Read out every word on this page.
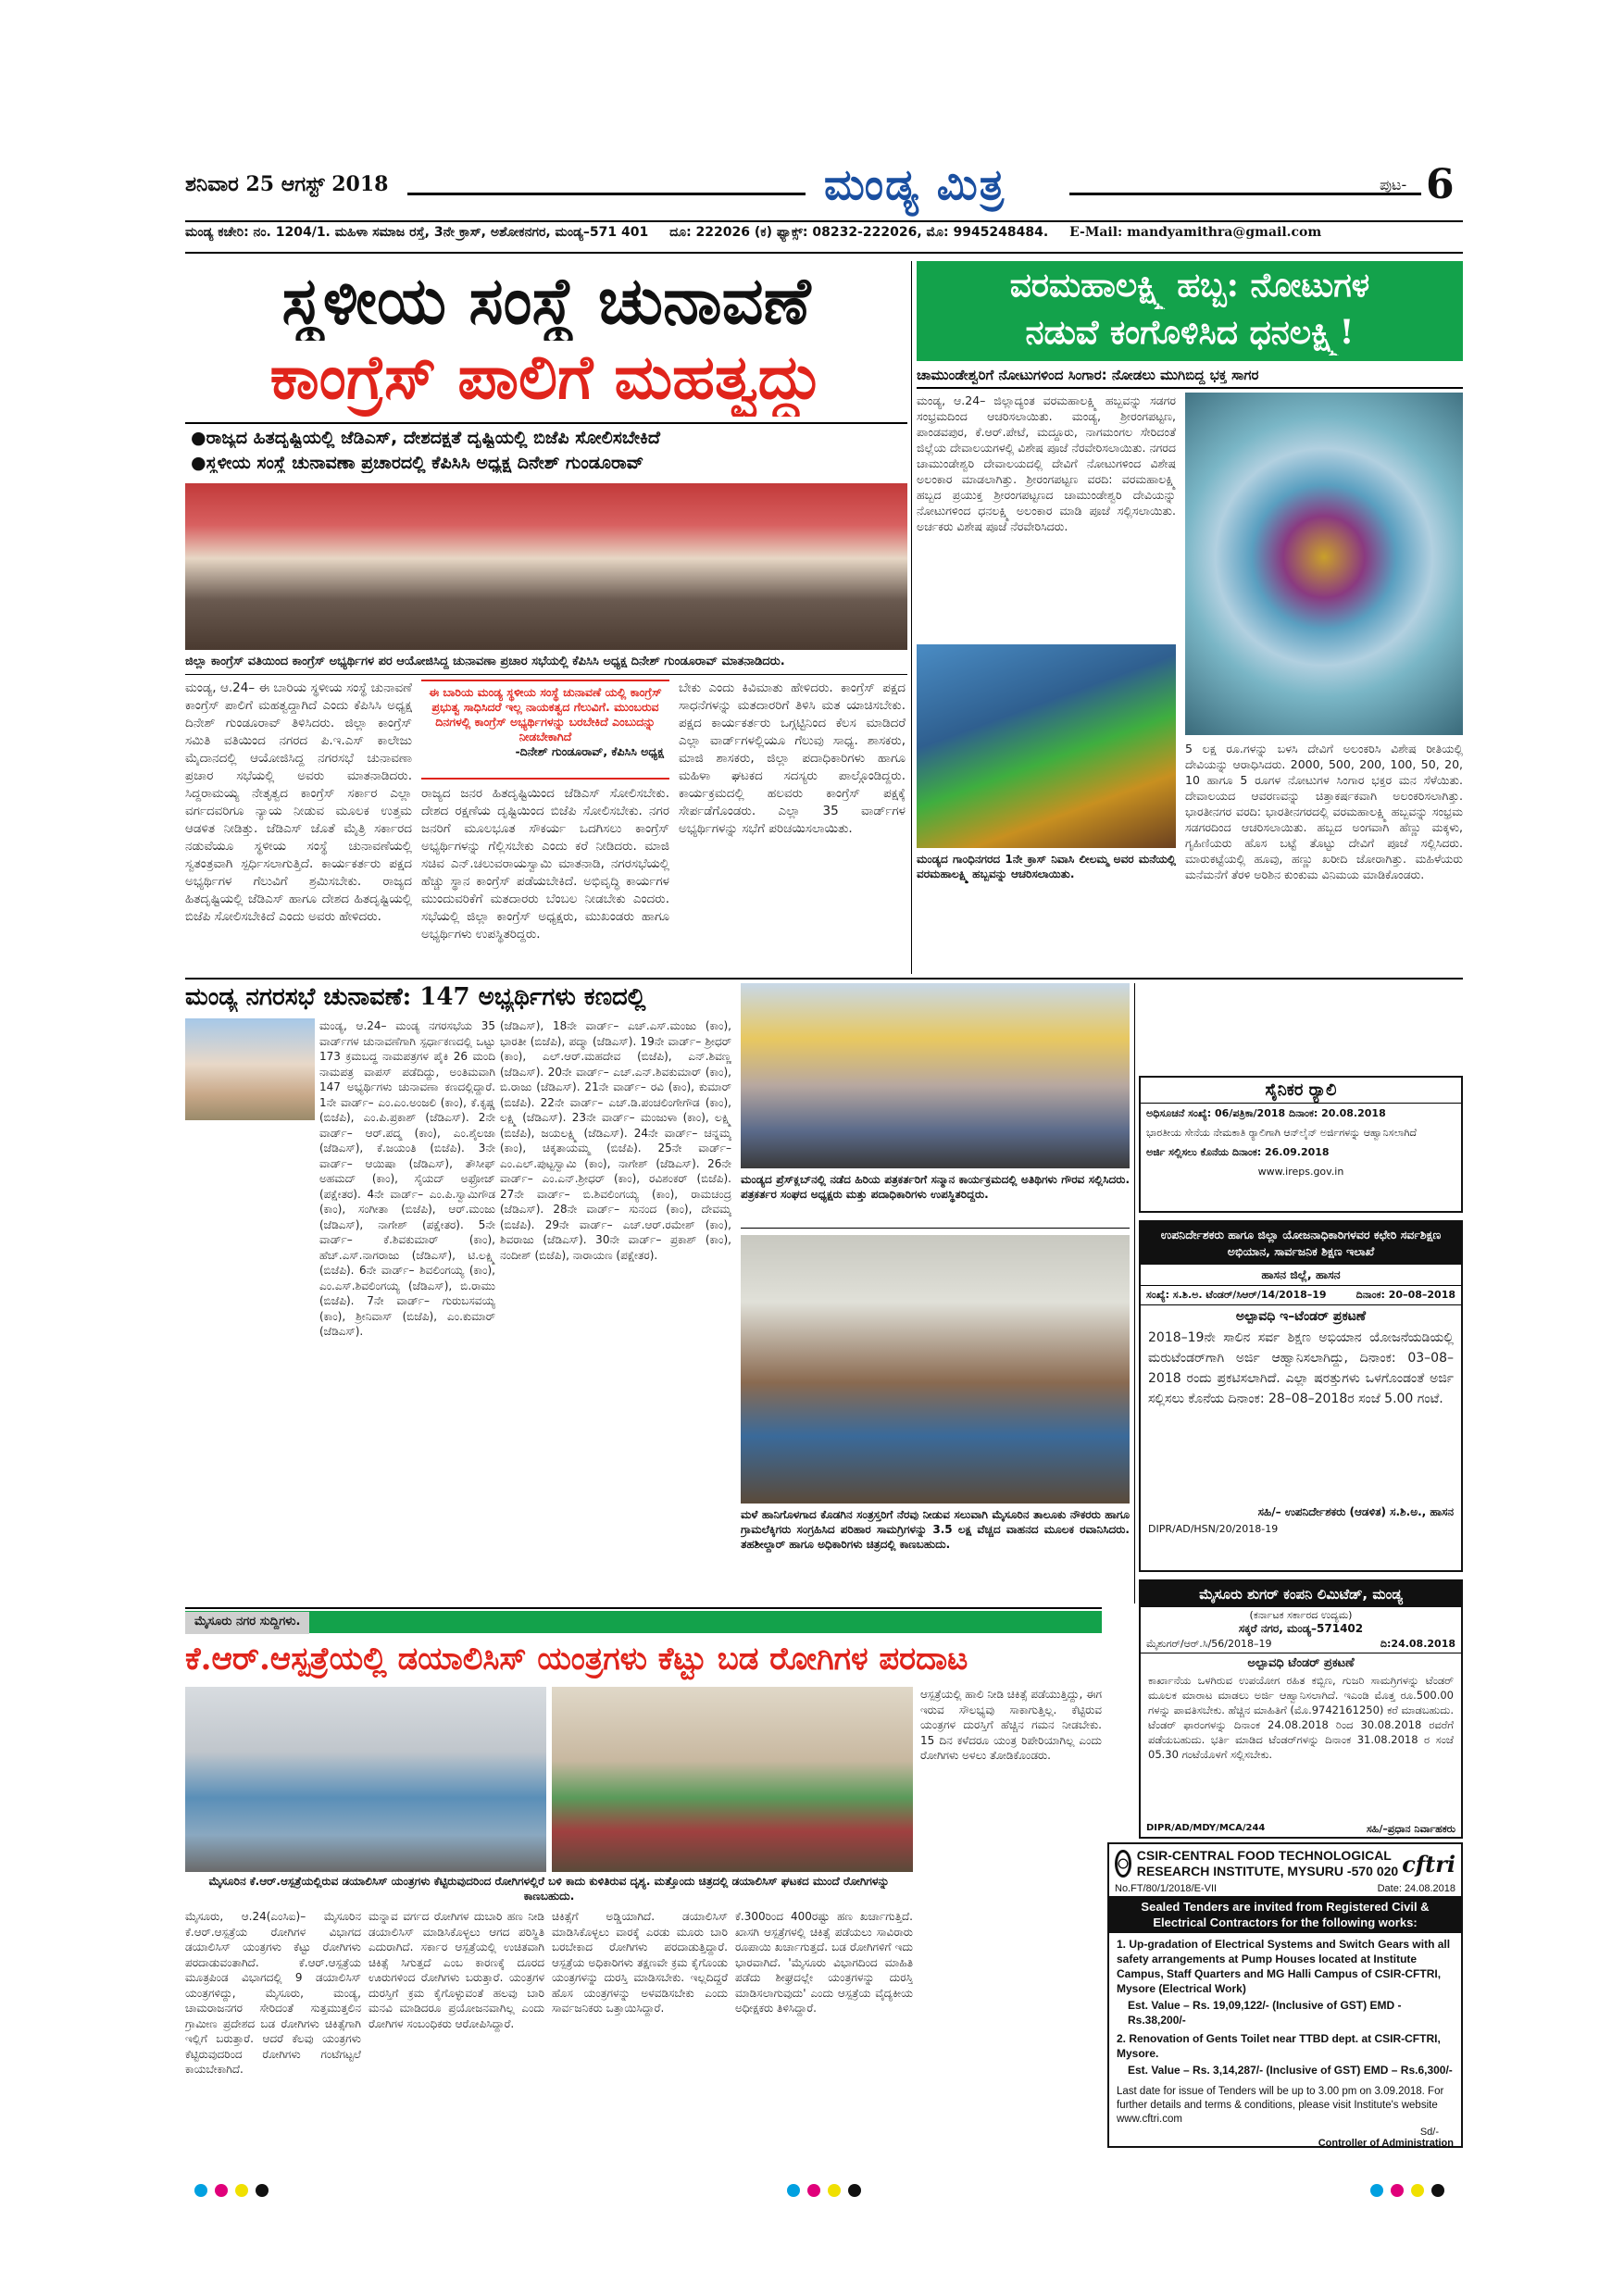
ಶನಿವಾರ 25 ಆಗಸ್ಟ್ 2018	ಮಂಡ್ಯ ಮಿತ್ರ	ಪುಟ- 6
ಮಂಡ್ಯ ಕಚೇರಿ: ನಂ. 1204/1. ಮಹಿಳಾ ಸಮಾಜ ರಸ್ತೆ, 3ನೇ ಕ್ರಾಸ್, ಅಶೋಕನಗರ, ಮಂಡ್ಯ–571 401 ದೂ: 222026 (ಕ) ಫ್ಯಾಕ್ಸ್: 08232-222026, ಮೊ: 9945248484. E-Mail: mandyamithra@gmail.com
ಸ್ಥಳೀಯ ಸಂಸ್ಥೆ ಚುನಾವಣೆ
ಕಾಂಗ್ರೆಸ್ ಪಾಲಿಗೆ ಮಹತ್ವದ್ದು
●ರಾಜ್ಯದ ಹಿತದೃಷ್ಟಿಯಲ್ಲಿ ಜೆಡಿಎಸ್, ದೇಶದಕ್ಷತೆ ದೃಷ್ಟಿಯಲ್ಲಿ ಬಿಜೆಪಿ ಸೋಲಿಸಬೇಕಿದೆ
●ಸ್ಥಳೀಯ ಸಂಸ್ಥೆ ಚುನಾವಣಾ ಪ್ರಚಾರದಲ್ಲಿ ಕೆಪಿಸಿಸಿ ಅಧ್ಯಕ್ಷ ದಿನೇಶ್ ಗುಂಡೂರಾವ್
ಜಿಲ್ಲಾ ಕಾಂಗ್ರೆಸ್ ವತಿಯಿಂದ ಕಾಂಗ್ರೆಸ್ ಅಭ್ಯರ್ಥಿಗಳ ಪರ ಆಯೋಜಿಸಿದ್ದ ಚುನಾವಣಾ ಪ್ರಚಾರ ಸಭೆಯಲ್ಲಿ ಕೆಪಿಸಿಸಿ ಅಧ್ಯಕ್ಷ ದಿನೇಶ್ ಗುಂಡೂರಾವ್ ಮಾತನಾಡಿದರು.
ಮಂಡ್ಯ, ಆ.24– ಈ ಬಾರಿಯ ಸ್ಥಳೀಯ ಸಂಸ್ಥೆ ಚುನಾವಣೆ ಕಾಂಗ್ರೆಸ್ ಪಾಲಿಗೆ ಮಹತ್ವದ್ದಾಗಿದೆ ಎಂದು ಕೆಪಿಸಿಸಿ ಅಧ್ಯಕ್ಷ ದಿನೇಶ್ ಗುಂಡೂರಾವ್ ತಿಳಿಸಿದರು. ಜಿಲ್ಲಾ ಕಾಂಗ್ರೆಸ್ ಸಮಿತಿ ವತಿಯಿಂದ ನಗರದ ಪಿ.ಇ.ಎಸ್ ಕಾಲೇಜು ಮೈದಾನದಲ್ಲಿ ಆಯೋಜಿಸಿದ್ದ ನಗರಸಭೆ ಚುನಾವಣಾ ಪ್ರಚಾರ ಸಭೆಯಲ್ಲಿ ಅವರು ಮಾತನಾಡಿದರು. ಸಿದ್ದರಾಮಯ್ಯ ನೇತೃತ್ವದ ಕಾಂಗ್ರೆಸ್ ಸರ್ಕಾರ ಎಲ್ಲಾ ವರ್ಗದವರಿಗೂ ನ್ಯಾಯ ನೀಡುವ ಮೂಲಕ ಉತ್ತಮ ಆಡಳಿತ ನೀಡಿತ್ತು. ಜೆಡಿಎಸ್ ಜೊತೆ ಮೈತ್ರಿ ಸರ್ಕಾರದ ನಡುವೆಯೂ ಸ್ಥಳೀಯ ಸಂಸ್ಥೆ ಚುನಾವಣೆಯಲ್ಲಿ ಸ್ವತಂತ್ರವಾಗಿ ಸ್ಪರ್ಧಿಸಲಾಗುತ್ತಿದೆ. ಕಾರ್ಯಕರ್ತರು ಪಕ್ಷದ ಅಭ್ಯರ್ಥಿಗಳ ಗೆಲುವಿಗೆ ಶ್ರಮಿಸಬೇಕು. ರಾಜ್ಯದ ಹಿತದೃಷ್ಟಿಯಲ್ಲಿ ಜೆಡಿಎಸ್ ಹಾಗೂ ದೇಶದ ಹಿತದೃಷ್ಟಿಯಲ್ಲಿ ಬಿಜೆಪಿ ಸೋಲಿಸಬೇಕಿದೆ ಎಂದು ಅವರು ಹೇಳಿದರು.
ಈ ಬಾರಿಯ ಮಂಡ್ಯ ಸ್ಥಳೀಯ ಸಂಸ್ಥೆ ಚುನಾವಣೆ ಯಲ್ಲಿ ಕಾಂಗ್ರೆಸ್ ಪ್ರಭುತ್ವ ಸಾಧಿಸಿದರೆ ಇಲ್ಲ ನಾಯಕತ್ವದ ಗೆಲುವಿಗೆ. ಮುಂಬರುವ ದಿನಗಳಲ್ಲಿ ಕಾಂಗ್ರೆಸ್ ಅಭ್ಯರ್ಥಿಗಳನ್ನು ಬರಬೇಕಿದೆ ಎಂಬುದನ್ನು ನೀಡಬೇಕಾಗಿದೆ
-ದಿನೇಶ್ ಗುಂಡೂರಾವ್, ಕೆಪಿಸಿಸಿ ಅಧ್ಯಕ್ಷ
ರಾಜ್ಯದ ಜನರ ಹಿತದೃಷ್ಟಿಯಿಂದ ಜೆಡಿಎಸ್ ಸೋಲಿಸಬೇಕು. ದೇಶದ ರಕ್ಷಣೆಯ ದೃಷ್ಟಿಯಿಂದ ಬಿಜೆಪಿ ಸೋಲಿಸಬೇಕು. ನಗರ ಜನರಿಗೆ ಮೂಲಭೂತ ಸೌಕರ್ಯ ಒದಗಿಸಲು ಕಾಂಗ್ರೆಸ್ ಅಭ್ಯರ್ಥಿಗಳನ್ನು ಗೆಲ್ಲಿಸಬೇಕು ಎಂದು ಕರೆ ನೀಡಿದರು. ಮಾಜಿ ಸಚಿವ ಎನ್.ಚಲುವರಾಯಸ್ವಾಮಿ ಮಾತನಾಡಿ, ನಗರಸಭೆಯಲ್ಲಿ ಹೆಚ್ಚು ಸ್ಥಾನ ಕಾಂಗ್ರೆಸ್ ಪಡೆಯಬೇಕಿದೆ. ಅಭಿವೃದ್ಧಿ ಕಾರ್ಯಗಳ ಮುಂದುವರಿಕೆಗೆ ಮತದಾರರು ಬೆಂಬಲ ನೀಡಬೇಕು ಎಂದರು. ಸಭೆಯಲ್ಲಿ ಜಿಲ್ಲಾ ಕಾಂಗ್ರೆಸ್ ಅಧ್ಯಕ್ಷರು, ಮುಖಂಡರು ಹಾಗೂ ಅಭ್ಯರ್ಥಿಗಳು ಉಪಸ್ಥಿತರಿದ್ದರು.
ಬೇಕು ಎಂದು ಕಿವಿಮಾತು ಹೇಳಿದರು. ಕಾಂಗ್ರೆಸ್ ಪಕ್ಷದ ಸಾಧನೆಗಳನ್ನು ಮತದಾರರಿಗೆ ತಿಳಿಸಿ ಮತ ಯಾಚಿಸಬೇಕು. ಪಕ್ಷದ ಕಾರ್ಯಕರ್ತರು ಒಗ್ಗಟ್ಟಿನಿಂದ ಕೆಲಸ ಮಾಡಿದರೆ ಎಲ್ಲಾ ವಾರ್ಡ್‌ಗಳಲ್ಲಿಯೂ ಗೆಲುವು ಸಾಧ್ಯ. ಶಾಸಕರು, ಮಾಜಿ ಶಾಸಕರು, ಜಿಲ್ಲಾ ಪದಾಧಿಕಾರಿಗಳು ಹಾಗೂ ಮಹಿಳಾ ಘಟಕದ ಸದಸ್ಯರು ಪಾಲ್ಗೊಂಡಿದ್ದರು. ಕಾರ್ಯಕ್ರಮದಲ್ಲಿ ಹಲವರು ಕಾಂಗ್ರೆಸ್ ಪಕ್ಷಕ್ಕೆ ಸೇರ್ಪಡೆಗೊಂಡರು. ಎಲ್ಲಾ 35 ವಾರ್ಡ್‌ಗಳ ಅಭ್ಯರ್ಥಿಗಳನ್ನು ಸಭೆಗೆ ಪರಿಚಯಿಸಲಾಯಿತು.
ವರಮಹಾಲಕ್ಷ್ಮಿ ಹಬ್ಬ: ನೋಟುಗಳ
ನಡುವೆ ಕಂಗೊಳಿಸಿದ ಧನಲಕ್ಷ್ಮಿ!
ಚಾಮುಂಡೇಶ್ವರಿಗೆ ನೋಟುಗಳಿಂದ ಸಿಂಗಾರ: ನೋಡಲು ಮುಗಿಬಿದ್ದ ಭಕ್ತ ಸಾಗರ
ಮಂಡ್ಯ, ಆ.24– ಜಿಲ್ಲಾದ್ಯಂತ ವರಮಹಾಲಕ್ಷ್ಮಿ ಹಬ್ಬವನ್ನು ಸಡಗರ ಸಂಭ್ರಮದಿಂದ ಆಚರಿಸಲಾಯಿತು. ಮಂಡ್ಯ, ಶ್ರೀರಂಗಪಟ್ಟಣ, ಪಾಂಡವಪುರ, ಕೆ.ಆರ್.ಪೇಟೆ, ಮದ್ದೂರು, ನಾಗಮಂಗಲ ಸೇರಿದಂತೆ ಜಿಲ್ಲೆಯ ದೇವಾಲಯಗಳಲ್ಲಿ ವಿಶೇಷ ಪೂಜೆ ನೆರವೇರಿಸಲಾಯಿತು. ನಗರದ ಚಾಮುಂಡೇಶ್ವರಿ ದೇವಾಲಯದಲ್ಲಿ ದೇವಿಗೆ ನೋಟುಗಳಿಂದ ವಿಶೇಷ ಅಲಂಕಾರ ಮಾಡಲಾಗಿತ್ತು. ಶ್ರೀರಂಗಪಟ್ಟಣ ವರದಿ: ವರಮಹಾಲಕ್ಷ್ಮಿ ಹಬ್ಬದ ಪ್ರಯುಕ್ತ ಶ್ರೀರಂಗಪಟ್ಟಣದ ಚಾಮುಂಡೇಶ್ವರಿ ದೇವಿಯನ್ನು ನೋಟುಗಳಿಂದ ಧನಲಕ್ಷ್ಮಿ ಅಲಂಕಾರ ಮಾಡಿ ಪೂಜೆ ಸಲ್ಲಿಸಲಾಯಿತು. ಅರ್ಚಕರು ವಿಶೇಷ ಪೂಜೆ ನೆರವೇರಿಸಿದರು.
ಮಂಡ್ಯದ ಗಾಂಧಿನಗರದ 1ನೇ ಕ್ರಾಸ್ ನಿವಾಸಿ ಲೀಲಮ್ಮ ಅವರ ಮನೆಯಲ್ಲಿ ವರಮಹಾಲಕ್ಷ್ಮಿ ಹಬ್ಬವನ್ನು ಆಚರಿಸಲಾಯಿತು.
5 ಲಕ್ಷ ರೂ.ಗಳನ್ನು ಬಳಸಿ ದೇವಿಗೆ ಅಲಂಕರಿಸಿ ವಿಶೇಷ ರೀತಿಯಲ್ಲಿ ದೇವಿಯನ್ನು ಆರಾಧಿಸಿದರು. 2000, 500, 200, 100, 50, 20, 10 ಹಾಗೂ 5 ರೂಗಳ ನೋಟುಗಳ ಸಿಂಗಾರ ಭಕ್ತರ ಮನ ಸೆಳೆಯಿತು. ದೇವಾಲಯದ ಆವರಣವನ್ನು ಚಿತ್ತಾಕರ್ಷಕವಾಗಿ ಅಲಂಕರಿಸಲಾಗಿತ್ತು. ಭಾರತೀನಗರ ವರದಿ: ಭಾರತೀನಗರದಲ್ಲಿ ವರಮಹಾಲಕ್ಷ್ಮಿ ಹಬ್ಬವನ್ನು ಸಂಭ್ರಮ ಸಡಗರದಿಂದ ಆಚರಿಸಲಾಯಿತು. ಹಬ್ಬದ ಅಂಗವಾಗಿ ಹೆಣ್ಣು ಮಕ್ಕಳು, ಗೃಹಿಣಿಯರು ಹೊಸ ಬಟ್ಟೆ ತೊಟ್ಟು ದೇವಿಗೆ ಪೂಜೆ ಸಲ್ಲಿಸಿದರು. ಮಾರುಕಟ್ಟೆಯಲ್ಲಿ ಹೂವು, ಹಣ್ಣು ಖರೀದಿ ಜೋರಾಗಿತ್ತು. ಮಹಿಳೆಯರು ಮನೆಮನೆಗೆ ತೆರಳಿ ಅರಿಶಿನ ಕುಂಕುಮ ವಿನಿಮಯ ಮಾಡಿಕೊಂಡರು.
ಮಂಡ್ಯ ನಗರಸಭೆ ಚುನಾವಣೆ: 147 ಅಭ್ಯರ್ಥಿಗಳು ಕಣದಲ್ಲಿ
ಮಂಡ್ಯ, ಆ.24– ಮಂಡ್ಯ ನಗರಸಭೆಯ 35 ವಾರ್ಡ್‌ಗಳ ಚುನಾವಣೆಗಾಗಿ ಸ್ಪರ್ಧಾಕಣದಲ್ಲಿ ಒಟ್ಟು 173 ಕ್ರಮಬದ್ಧ ನಾಮಪತ್ರಗಳ ಪೈಕಿ 26 ಮಂದಿ ನಾಮಪತ್ರ ವಾಪಸ್ ಪಡೆದಿದ್ದು, ಅಂತಿಮವಾಗಿ 147 ಅಭ್ಯರ್ಥಿಗಳು ಚುನಾವಣಾ ಕಣದಲ್ಲಿದ್ದಾರೆ. 1ನೇ ವಾರ್ಡ್– ಎಂ.ಎಂ.ಅಂಜಲಿ (ಕಾಂ), ಕೆ.ಕೃಷ್ಣ (ಬಿಜೆಪಿ), ಎಂ.ಪಿ.ಪ್ರಕಾಶ್ (ಜೆಡಿಎಸ್). 2ನೇ ವಾರ್ಡ್– ಆರ್.ಪದ್ಮ (ಕಾಂ), ಎಂ.ಶೈಲಜಾ (ಜೆಡಿಎಸ್), ಕೆ.ಜಯಂತಿ (ಬಿಜೆಪಿ). 3ನೇ ವಾರ್ಡ್– ಆಯಿಷಾ (ಜೆಡಿಎಸ್), ತೌಸೀಫ್ ಅಹಮದ್ (ಕಾಂ), ಸೈಯದ್ ಅಫ್ರೋಜ್ (ಪಕ್ಷೇತರ). 4ನೇ ವಾರ್ಡ್– ಎಂ.ಪಿ.ಸ್ವಾಮಿಗೌಡ (ಕಾಂ), ಸಂಗೀತಾ (ಬಿಜೆಪಿ), ಆರ್.ಮಂಜು (ಜೆಡಿಎಸ್), ನಾಗೇಶ್ (ಪಕ್ಷೇತರ). 5ನೇ ವಾರ್ಡ್– ಕೆ.ಶಿವಕುಮಾರ್ (ಕಾಂ), ಹೆಚ್.ಎಸ್.ನಾಗರಾಜು (ಜೆಡಿಎಸ್), ಟಿ.ಲಕ್ಷ್ಮಿ (ಬಿಜೆಪಿ). 6ನೇ ವಾರ್ಡ್– ಶಿವಲಿಂಗಯ್ಯ (ಕಾಂ), ಎಂ.ಎಸ್.ಶಿವಲಿಂಗಯ್ಯ (ಜೆಡಿಎಸ್), ಬಿ.ರಾಮು (ಬಿಜೆಪಿ). 7ನೇ ವಾರ್ಡ್– ಗುರುಬಸವಯ್ಯ (ಕಾಂ), ಶ್ರೀನಿವಾಸ್ (ಬಿಜೆಪಿ), ಎಂ.ಕುಮಾರ್ (ಜೆಡಿಎಸ್).
(ಜೆಡಿಎಸ್), 18ನೇ ವಾರ್ಡ್– ಎಚ್.ಎಸ್.ಮಂಜು (ಕಾಂ), ಭಾರತೀ (ಬಿಜೆಪಿ), ಪದ್ಮಾ (ಜೆಡಿಎಸ್). 19ನೇ ವಾರ್ಡ್– ಶ್ರೀಧರ್ (ಕಾಂ), ಎಲ್.ಆರ್.ಮಹದೇವ (ಬಿಜೆಪಿ), ಎನ್.ಶಿವಣ್ಣ (ಜೆಡಿಎಸ್). 20ನೇ ವಾರ್ಡ್– ಎಚ್.ಎನ್.ಶಿವಕುಮಾರ್ (ಕಾಂ), ಬಿ.ರಾಜು (ಜೆಡಿಎಸ್). 21ನೇ ವಾರ್ಡ್– ರವಿ (ಕಾಂ), ಕುಮಾರ್ (ಬಿಜೆಪಿ). 22ನೇ ವಾರ್ಡ್– ಎಚ್.ಡಿ.ಪಂಚಲಿಂಗೇಗೌಡ (ಕಾಂ), ಲಕ್ಷ್ಮಿ (ಜೆಡಿಎಸ್). 23ನೇ ವಾರ್ಡ್– ಮಂಜುಳಾ (ಕಾಂ), ಲಕ್ಷ್ಮಿ (ಬಿಜೆಪಿ), ಜಯಲಕ್ಷ್ಮಿ (ಜೆಡಿಎಸ್). 24ನೇ ವಾರ್ಡ್– ಚನ್ನಮ್ಮ (ಕಾಂ), ಚಿಕ್ಕತಾಯಮ್ಮ (ಬಿಜೆಪಿ). 25ನೇ ವಾರ್ಡ್– ಎಂ.ಎಲ್.ಪುಟ್ಟಸ್ವಾಮಿ (ಕಾಂ), ನಾಗೇಶ್ (ಜೆಡಿಎಸ್). 26ನೇ ವಾರ್ಡ್– ಎಂ.ಎನ್.ಶ್ರೀಧರ್ (ಕಾಂ), ರವಿಶಂಕರ್ (ಬಿಜೆಪಿ). 27ನೇ ವಾರ್ಡ್– ಬಿ.ಶಿವಲಿಂಗಯ್ಯ (ಕಾಂ), ರಾಮಚಂದ್ರ (ಜೆಡಿಎಸ್). 28ನೇ ವಾರ್ಡ್– ಸುನಂದ (ಕಾಂ), ದೇವಮ್ಮ (ಬಿಜೆಪಿ). 29ನೇ ವಾರ್ಡ್– ಎಚ್.ಆರ್.ರಮೇಶ್ (ಕಾಂ), ಶಿವರಾಜು (ಜೆಡಿಎಸ್). 30ನೇ ವಾರ್ಡ್– ಪ್ರಕಾಶ್ (ಕಾಂ), ನಂದೀಶ್ (ಬಿಜೆಪಿ), ನಾರಾಯಣ (ಪಕ್ಷೇತರ).
ಮಂಡ್ಯದ ಪ್ರೆಸ್‌ಕ್ಲಬ್‌ನಲ್ಲಿ ನಡೆದ ಹಿರಿಯ ಪತ್ರಕರ್ತರಿಗೆ ಸನ್ಮಾನ ಕಾರ್ಯಕ್ರಮದಲ್ಲಿ ಅತಿಥಿಗಳು ಗೌರವ ಸಲ್ಲಿಸಿದರು. ಪತ್ರಕರ್ತರ ಸಂಘದ ಅಧ್ಯಕ್ಷರು ಮತ್ತು ಪದಾಧಿಕಾರಿಗಳು ಉಪಸ್ಥಿತರಿದ್ದರು.
ಮಳೆ ಹಾನಿಗೊಳಗಾದ ಕೊಡಗಿನ ಸಂತ್ರಸ್ತರಿಗೆ ನೆರವು ನೀಡುವ ಸಲುವಾಗಿ ಮೈಸೂರಿನ ತಾಲೂಕು ನೌಕರರು ಹಾಗೂ ಗ್ರಾಮಲೆಕ್ಕಿಗರು ಸಂಗ್ರಹಿಸಿದ ಪರಿಹಾರ ಸಾಮಗ್ರಿಗಳನ್ನು 3.5 ಲಕ್ಷ ವೆಚ್ಚದ ವಾಹನದ ಮೂಲಕ ರವಾನಿಸಿದರು. ತಹಶೀಲ್ದಾರ್ ಹಾಗೂ ಅಧಿಕಾರಿಗಳು ಚಿತ್ರದಲ್ಲಿ ಕಾಣಬಹುದು.
ಸೈನಿಕರ ರ್‍ಯಾಲಿ
ಅಧಿಸೂಚನೆ ಸಂಖ್ಯೆ: 06/ಪತ್ರಿಕಾ/2018 ದಿನಾಂಕ: 20.08.2018
ಭಾರತೀಯ ಸೇನೆಯ ನೇಮಕಾತಿ ರ್‍ಯಾಲಿಗಾಗಿ ಆನ್‌ಲೈನ್ ಅರ್ಜಿಗಳನ್ನು ಆಹ್ವಾನಿಸಲಾಗಿದೆ
ಅರ್ಜಿ ಸಲ್ಲಿಸಲು ಕೊನೆಯ ದಿನಾಂಕ: 26.09.2018
www.ireps.gov.in
ಉಪನಿರ್ದೇಶಕರು ಹಾಗೂ ಜಿಲ್ಲಾ ಯೋಜನಾಧಿಕಾರಿಗಳವರ ಕಛೇರಿ ಸರ್ವಶಿಕ್ಷಣ ಅಭಿಯಾನ, ಸಾರ್ವಜನಿಕ ಶಿಕ್ಷಣ ಇಲಾಖೆ
ಹಾಸನ ಜಿಲ್ಲೆ, ಹಾಸನ
ಸಂಖ್ಯೆ: ಸ.ಶಿ.ಅ. ಟೆಂಡರ್/ಸಿಆರ್/14/2018–19	ದಿನಾಂಕ: 20–08–2018
ಅಲ್ಪಾವಧಿ ಇ–ಟೆಂಡರ್ ಪ್ರಕಟಣೆ
2018–19ನೇ ಸಾಲಿನ ಸರ್ವ ಶಿಕ್ಷಣ ಅಭಿಯಾನ ಯೋಜನೆಯಡಿಯಲ್ಲಿ ಮರುಟೆಂಡರ್‌ಗಾಗಿ ಅರ್ಜಿ ಆಹ್ವಾನಿಸಲಾಗಿದ್ದು, ದಿನಾಂಕ: 03–08–2018 ರಂದು ಪ್ರಕಟಿಸಲಾಗಿದೆ. ಎಲ್ಲಾ ಷರತ್ತುಗಳು ಒಳಗೊಂಡಂತೆ ಅರ್ಜಿ ಸಲ್ಲಿಸಲು ಕೊನೆಯ ದಿನಾಂಕ: 28–08–2018ರ ಸಂಜೆ 5.00 ಗಂಟೆ.
ಸಹಿ/– ಉಪನಿರ್ದೇಶಕರು (ಆಡಳಿತ) ಸ.ಶಿ.ಅ., ಹಾಸನ
DIPR/AD/HSN/20/2018-19
ಮೈಸೂರು ಶುಗರ್ ಕಂಪನಿ ಲಿಮಿಟೆಡ್, ಮಂಡ್ಯ
(ಕರ್ನಾಟಕ ಸರ್ಕಾರದ ಉದ್ಯಮ)
ಸಕ್ಕರೆ ನಗರ, ಮಂಡ್ಯ–571402
ಮೈಶುಗರ್/ಆರ್.ಸಿ/56/2018–19	ದಿ:24.08.2018
ಅಲ್ಪಾವಧಿ ಟೆಂಡರ್ ಪ್ರಕಟಣೆ
ಕಾರ್ಖಾನೆಯ ಒಳಗಿರುವ ಉಪಯೋಗ ರಹಿತ ಕಬ್ಬಿಣ, ಗುಜರಿ ಸಾಮಗ್ರಿಗಳನ್ನು ಟೆಂಡರ್ ಮೂಲಕ ಮಾರಾಟ ಮಾಡಲು ಅರ್ಜಿ ಆಹ್ವಾನಿಸಲಾಗಿದೆ. ಇಎಂಡಿ ಮೊತ್ತ ರೂ.500.00 ಗಳನ್ನು ಪಾವತಿಸಬೇಕು. ಹೆಚ್ಚಿನ ಮಾಹಿತಿಗೆ (ಮೊ.9742161250) ಕರೆ ಮಾಡಬಹುದು. ಟೆಂಡರ್ ಫಾರಂಗಳನ್ನು ದಿನಾಂಕ 24.08.2018 ರಿಂದ 30.08.2018 ರವರೆಗೆ ಪಡೆಯಬಹುದು. ಭರ್ತಿ ಮಾಡಿದ ಟೆಂಡರ್‌ಗಳನ್ನು ದಿನಾಂಕ 31.08.2018 ರ ಸಂಜೆ 05.30 ಗಂಟೆಯೊಳಗೆ ಸಲ್ಲಿಸಬೇಕು.
DIPR/AD/MDY/MCA/244	ಸಹಿ/–ಪ್ರಧಾನ ನಿರ್ವಾಹಕರು
CSIR-CENTRAL FOOD TECHNOLOGICAL
RESEARCH INSTITUTE, MYSURU -570 020 cftri
No.FT/80/1/2018/E-VII	Date: 24.08.2018
Sealed Tenders are invited from Registered Civil &
Electrical Contractors for the following works:
1. Up-gradation of Electrical Systems and Switch Gears with all safety arrangements at Pump Houses located at Institute Campus, Staff Quarters and MG Halli Campus of CSIR-CFTRI, Mysore (Electrical Work)
Est. Value – Rs. 19,09,122/- (Inclusive of GST) EMD - Rs.38,200/-
2. Renovation of Gents Toilet near TTBD dept. at CSIR-CFTRI, Mysore.
Est. Value – Rs. 3,14,287/- (Inclusive of GST) EMD – Rs.6,300/-
Last date for issue of Tenders will be up to 3.00 pm on 3.09.2018. For further details and terms & conditions, please visit Institute's website www.cftri.com
Sd/-
Controller of Administration
ಮೈಸೂರು ನಗರ ಸುದ್ದಿಗಳು.
ಕೆ.ಆರ್.ಆಸ್ಪತ್ರೆಯಲ್ಲಿ ಡಯಾಲಿಸಿಸ್ ಯಂತ್ರಗಳು ಕೆಟ್ಟು ಬಡ ರೋಗಿಗಳ ಪರದಾಟ
ಮೈಸೂರಿನ ಕೆ.ಆರ್.ಆಸ್ಪತ್ರೆಯಲ್ಲಿರುವ ಡಯಾಲಿಸಿಸ್ ಯಂತ್ರಗಳು ಕೆಟ್ಟಿರುವುದರಿಂದ ರೋಗಿಗಳಲ್ಲಿರೆ ಬಳಿ ಕಾದು ಕುಳಿತಿರುವ ದೃಶ್ಯ. ಮತ್ತೊಂದು ಚಿತ್ರದಲ್ಲಿ ಡಯಾಲಿಸಿಸ್ ಘಟಕದ ಮುಂದೆ ರೋಗಿಗಳನ್ನು ಕಾಣಬಹುದು.
ಮೈಸೂರು, ಆ.24(ಎಂಸಿಐ)– ಮೈಸೂರಿನ ಕೆ.ಆರ್.ಆಸ್ಪತ್ರೆಯ ರೋಗಿಗಳ ವಿಭಾಗದ ಡಯಾಲಿಸಿಸ್ ಯಂತ್ರಗಳು ಕೆಟ್ಟು ರೋಗಿಗಳು ಪರದಾಡುವಂತಾಗಿದೆ. ಕೆ.ಆರ್.ಆಸ್ಪತ್ರೆಯ ಮೂತ್ರಪಿಂಡ ವಿಭಾಗದಲ್ಲಿ 9 ಡಯಾಲಿಸಿಸ್ ಯಂತ್ರಗಳಿದ್ದು, ಮೈಸೂರು, ಮಂಡ್ಯ, ಚಾಮರಾಜನಗರ ಸೇರಿದಂತೆ ಸುತ್ತಮುತ್ತಲಿನ ಗ್ರಾಮೀಣ ಪ್ರದೇಶದ ಬಡ ರೋಗಿಗಳು ಚಿಕಿತ್ಸೆಗಾಗಿ ಇಲ್ಲಿಗೆ ಬರುತ್ತಾರೆ. ಆದರೆ ಕೆಲವು ಯಂತ್ರಗಳು ಕೆಟ್ಟಿರುವುದರಿಂದ ರೋಗಿಗಳು ಗಂಟೆಗಟ್ಟಲೆ ಕಾಯಬೇಕಾಗಿದೆ.
ಮನ್ನಾವ ವರ್ಗದ ರೋಗಿಗಳ ದುಬಾರಿ ಹಣ ನೀಡಿ ಡಯಾಲಿಸಿಸ್ ಮಾಡಿಸಿಕೊಳ್ಳಲು ಆಗದ ಪರಿಸ್ಥಿತಿ ಎದುರಾಗಿದೆ. ಸರ್ಕಾರ ಆಸ್ಪತ್ರೆಯಲ್ಲಿ ಉಚಿತವಾಗಿ ಚಿಕಿತ್ಸೆ ಸಿಗುತ್ತದೆ ಎಂಬ ಕಾರಣಕ್ಕೆ ದೂರದ ಊರುಗಳಿಂದ ರೋಗಿಗಳು ಬರುತ್ತಾರೆ. ಯಂತ್ರಗಳ ದುರಸ್ತಿಗೆ ಕ್ರಮ ಕೈಗೊಳ್ಳುವಂತೆ ಹಲವು ಬಾರಿ ಮನವಿ ಮಾಡಿದರೂ ಪ್ರಯೋಜನವಾಗಿಲ್ಲ ಎಂದು ರೋಗಿಗಳ ಸಂಬಂಧಿಕರು ಆರೋಪಿಸಿದ್ದಾರೆ.
ಚಿಕಿತ್ಸೆಗೆ ಅಡ್ಡಿಯಾಗಿದೆ. ಡಯಾಲಿಸಿಸ್ ಮಾಡಿಸಿಕೊಳ್ಳಲು ವಾರಕ್ಕೆ ಎರಡು ಮೂರು ಬಾರಿ ಬರಬೇಕಾದ ರೋಗಿಗಳು ಪರದಾಡುತ್ತಿದ್ದಾರೆ. ಆಸ್ಪತ್ರೆಯ ಅಧಿಕಾರಿಗಳು ತಕ್ಷಣವೇ ಕ್ರಮ ಕೈಗೊಂಡು ಯಂತ್ರಗಳನ್ನು ದುರಸ್ತಿ ಮಾಡಿಸಬೇಕು. ಇಲ್ಲದಿದ್ದರೆ ಹೊಸ ಯಂತ್ರಗಳನ್ನು ಅಳವಡಿಸಬೇಕು ಎಂದು ಸಾರ್ವಜನಿಕರು ಒತ್ತಾಯಿಸಿದ್ದಾರೆ.
ಕೆ.300ರಿಂದ 400ರಷ್ಟು ಹಣ ಖರ್ಚಾಗುತ್ತಿದೆ. ಖಾಸಗಿ ಆಸ್ಪತ್ರೆಗಳಲ್ಲಿ ಚಿಕಿತ್ಸೆ ಪಡೆಯಲು ಸಾವಿರಾರು ರೂಪಾಯಿ ಖರ್ಚಾಗುತ್ತದೆ. ಬಡ ರೋಗಿಗಳಿಗೆ ಇದು ಭಾರವಾಗಿದೆ. 'ಮೈಸೂರು ವಿಭಾಗದಿಂದ ಮಾಹಿತಿ ಪಡೆದು ಶೀಘ್ರದಲ್ಲೇ ಯಂತ್ರಗಳನ್ನು ದುರಸ್ತಿ ಮಾಡಿಸಲಾಗುವುದು' ಎಂದು ಆಸ್ಪತ್ರೆಯ ವೈದ್ಯಕೀಯ ಅಧೀಕ್ಷಕರು ತಿಳಿಸಿದ್ದಾರೆ.
ಆಸ್ಪತ್ರೆಯಲ್ಲಿ ಹಾಲಿ ನೀಡಿ ಚಿಕಿತ್ಸೆ ಪಡೆಯುತ್ತಿದ್ದು, ಈಗ ಇರುವ ಸೌಲಭ್ಯವು ಸಾಕಾಗುತ್ತಿಲ್ಲ. ಕೆಟ್ಟಿರುವ ಯಂತ್ರಗಳ ದುರಸ್ತಿಗೆ ಹೆಚ್ಚಿನ ಗಮನ ನೀಡಬೇಕು. 15 ದಿನ ಕಳೆದರೂ ಯಂತ್ರ ರಿಪೇರಿಯಾಗಿಲ್ಲ ಎಂದು ರೋಗಿಗಳು ಅಳಲು ತೋಡಿಕೊಂಡರು.
